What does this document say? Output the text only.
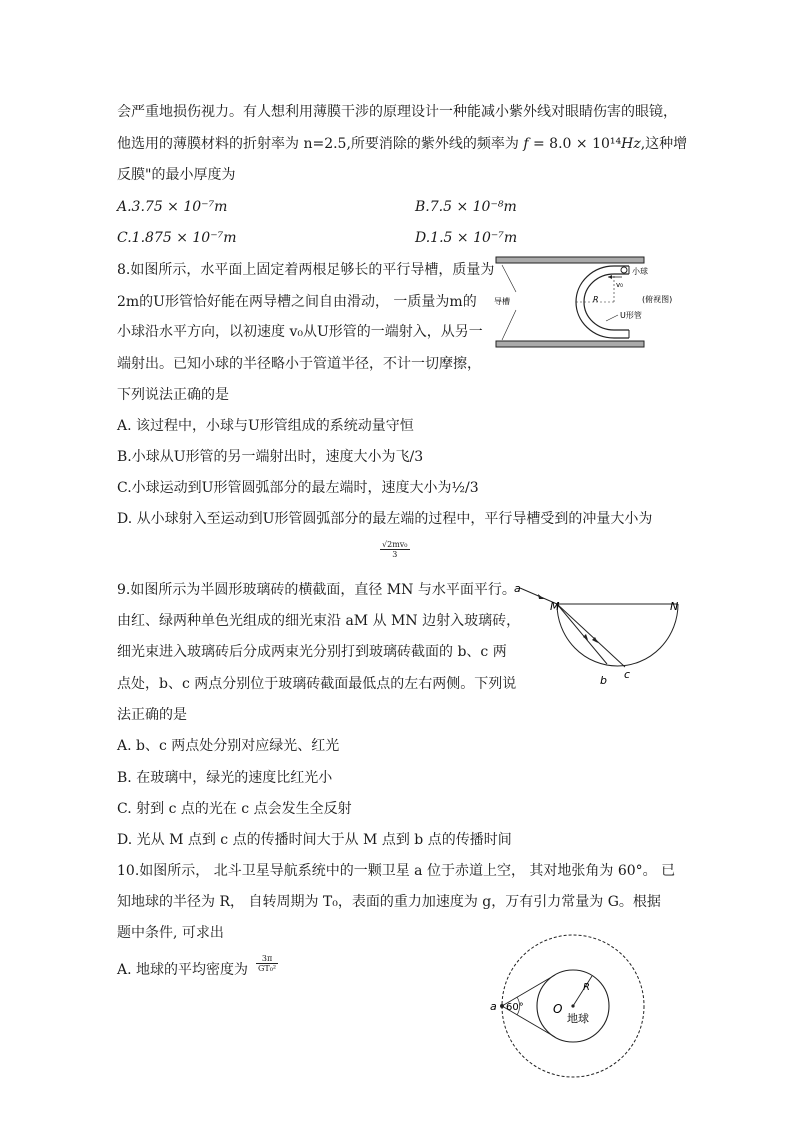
会严重地损伤视力。有人想利用薄膜干涉的原理设计一种能减小紫外线对眼睛伤害的眼镜，
他选用的薄膜材料的折射率为 n=2.5,所要消除的紫外线的频率为 𝑓 = 8.0 × 10¹⁴𝐻𝑧,这种增
反膜"的最小厚度为
A.3.75 × 10⁻⁷𝑚	B.7.5 × 10⁻⁸𝑚
C.1.875 × 10⁻⁷𝑚	D.1.5 × 10⁻⁷𝑚
8.如图所示，水平面上固定着两根足够长的平行导槽，质量为
2m的U形管恰好能在两导槽之间自由滑动， 一质量为m的
小球沿水平方向，以初速度 v₀从U形管的一端射入，从另一
端射出。已知小球的半径略小于管道半径，不计一切摩擦，
下列说法正确的是
A. 该过程中，小球与U形管组成的系统动量守恒
B.小球从U形管的另一端射出时，速度大小为飞/3
C.小球运动到U形管圆弧部分的最左端时，速度大小为½/3
D. 从小球射入至运动到U形管圆弧部分的最左端的过程中，平行导槽受到的冲量大小为
$\frac{\text{√2mv₀}}{3}$
R
v₀
小球
(俯视图)
导槽
U形管
9.如图所示为半圆形玻璃砖的横截面，直径 MN 与水平面平行。
由红、绿两种单色光组成的细光束沿 aM 从 MN 边射入玻璃砖，
细光束进入玻璃砖后分成两束光分别打到玻璃砖截面的 b、c 两
点处，b、c 两点分别位于玻璃砖截面最低点的左右两侧。下列说
法正确的是
A. b、c 两点处分别对应绿光、红光
B. 在玻璃中，绿光的速度比红光小
C. 射到 c 点的光在 c 点会发生全反射
D. 光从 M 点到 c 点的传播时间大于从 M 点到 b 点的传播时间
a
M	N
b c
10.如图所示， 北斗卫星导航系统中的一颗卫星 a 位于赤道上空， 其对地张角为 60°。 已
知地球的半径为 R， 自转周期为 T₀，表面的重力加速度为 g，万有引力常量为 G。根据
题中条件, 可求出
A. 地球的平均密度为 $\frac{3\pi}{\text{GT₀²}}$
a 60° O
R
地球
